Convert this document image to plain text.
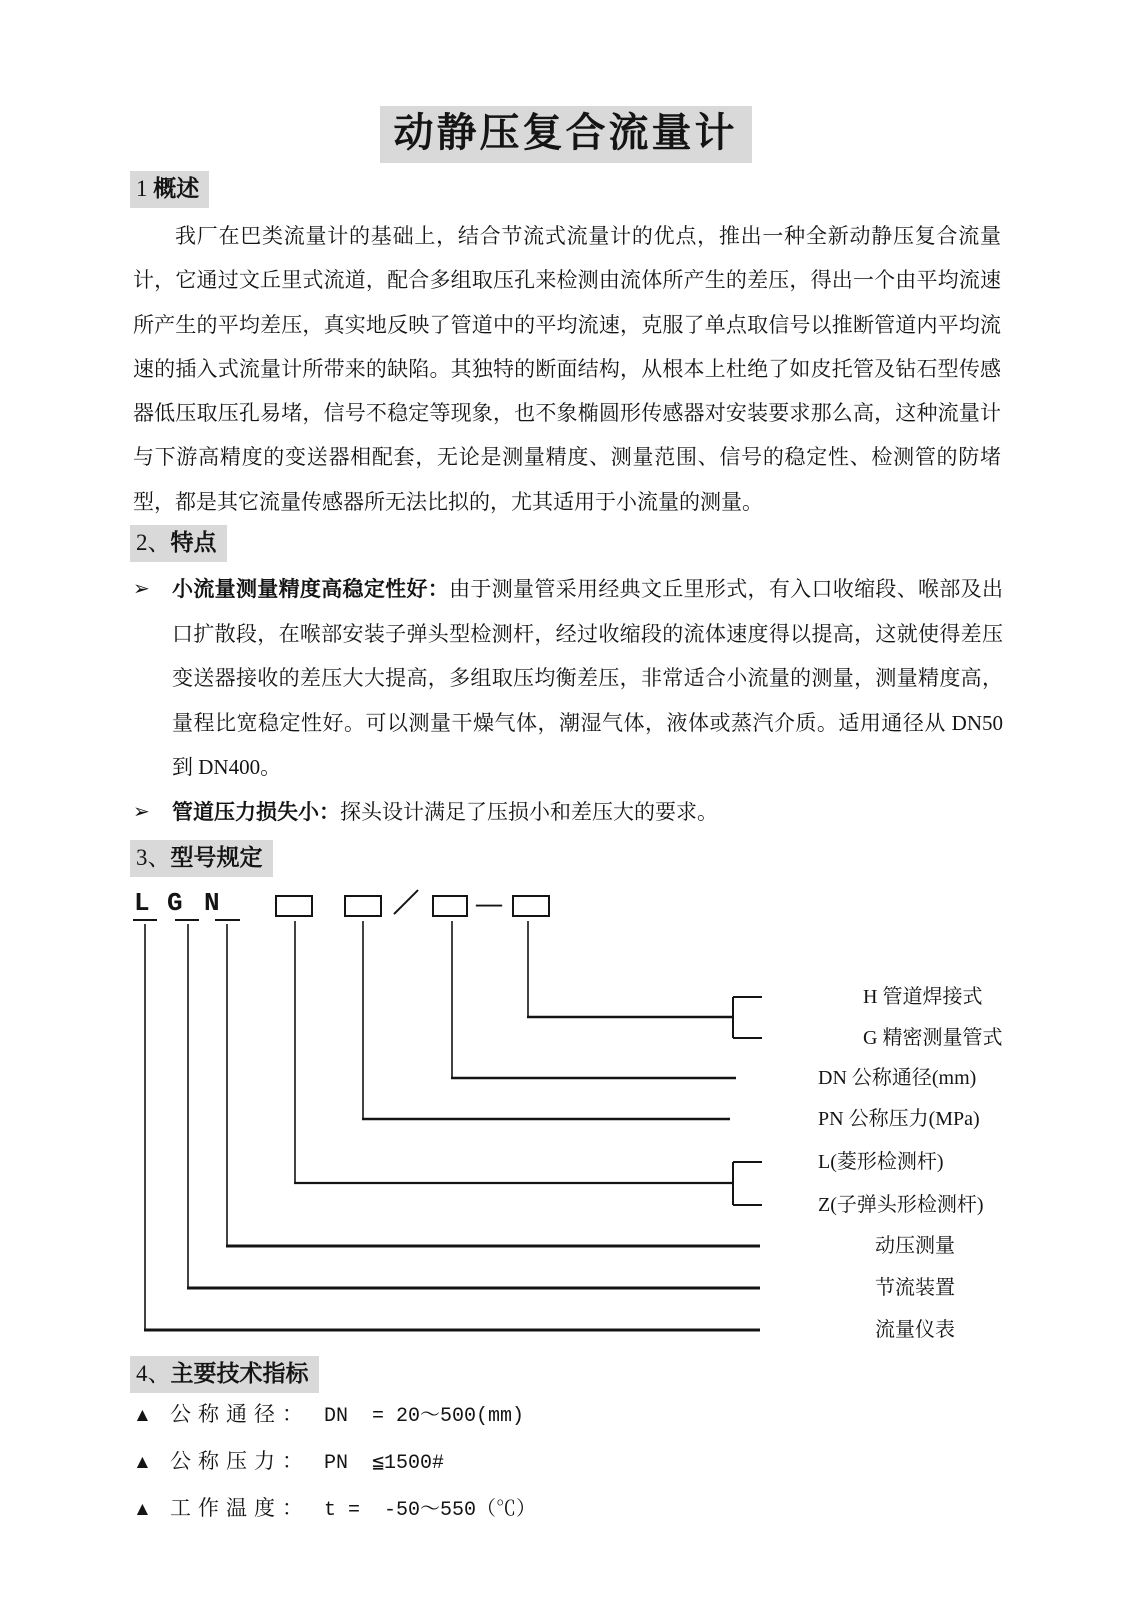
动静压复合流量计
1 概述
我厂在巴类流量计的基础上，结合节流式流量计的优点，推出一种全新动静压复合流量计，它通过文丘里式流道，配合多组取压孔来检测由流体所产生的差压，得出一个由平均流速所产生的平均差压，真实地反映了管道中的平均流速，克服了单点取信号以推断管道内平均流速的插入式流量计所带来的缺陷。其独特的断面结构，从根本上杜绝了如皮托管及钻石型传感器低压取压孔易堵，信号不稳定等现象，也不象椭圆形传感器对安装要求那么高，这种流量计与下游高精度的变送器相配套，无论是测量精度、测量范围、信号的稳定性、检测管的防堵型，都是其它流量传感器所无法比拟的，尤其适用于小流量的测量。
2、特点
➢	小流量测量精度高稳定性好：由于测量管采用经典文丘里形式，有入口收缩段、喉部及出口扩散段，在喉部安装子弹头型检测杆，经过收缩段的流体速度得以提高，这就使得差压变送器接收的差压大大提高，多组取压均衡差压，非常适合小流量的测量，测量精度高，量程比宽稳定性好。可以测量干燥气体，潮湿气体，液体或蒸汽介质。适用通径从 DN50 到 DN400。
➢	管道压力损失小：探头设计满足了压损小和差压大的要求。
3、型号规定
L G N	／ —
H 管道焊接式
G 精密测量管式
DN 公称通径(mm)
PN 公称压力(MPa)
L(菱形检测杆)
Z(子弹头形检测杆)
动压测量
节流装置
流量仪表
4、主要技术指标
▲ 公称通径： DN  = 20～500(mm)
▲ 公称压力： PN  ≦1500#
▲ 工作温度： t =  -50～550（℃）
